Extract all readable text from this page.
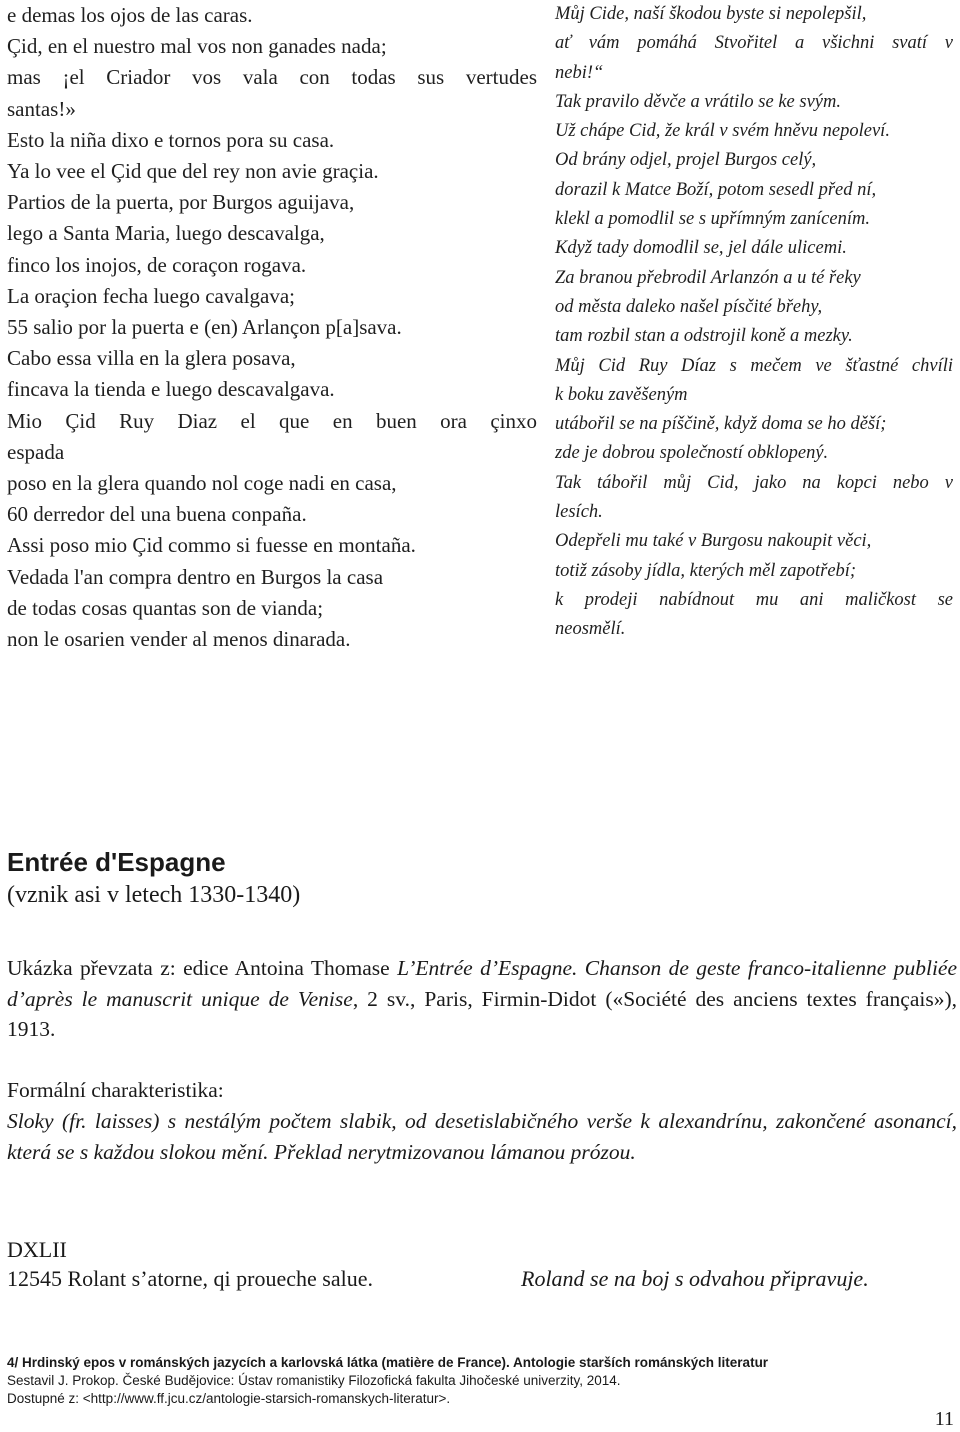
e demas los ojos de las caras.
Çid, en el nuestro mal vos non ganades nada;
mas ¡el Criador vos vala con todas sus vertudes
santas!»
Esto la niña dixo e tornos pora su casa.
Ya lo vee el Çid que del rey non avie graçia.
Partios de la puerta, por Burgos aguijava,
lego a Santa Maria, luego descavalga,
finco los inojos, de coraçon rogava.
La oraçion fecha luego cavalgava;
55 salio por la puerta e (en) Arlançon p[a]sava.
Cabo essa villa en la glera posava,
fincava la tienda e luego descavalgava.
Mio Çid Ruy Diaz el que en buen ora çinxo
espada
poso en la glera quando nol coge nadi en casa,
60 derredor del una buena conpaña.
Assi poso mio Çid commo si fuesse en montaña.
Vedada l'an compra dentro en Burgos la casa
de todas cosas quantas son de vianda;
non le osarien vender al menos dinarada.
Můj Cide, naší škodou byste si nepolepšil,
ať vám pomáhá Stvořitel a všichni svatí v
nebi!“
Tak pravilo děvče a vrátilo se ke svým.
Už chápe Cid, že král v svém hněvu nepoleví.
Od brány odjel, projel Burgos celý,
dorazil k Matce Boží, potom sesedl před ní,
klekl a pomodlil se s upřímným zanícením.
Když tady domodlil se, jel dále ulicemi.
Za branou přebrodil Arlanzón a u té řeky
od města daleko našel písčité břehy,
tam rozbil stan a odstrojil koně a mezky.
Můj Cid Ruy Díaz s mečem ve šťastné chvíli
k boku zavěšeným
utábořil se na píščině, když doma se ho děší;
zde je dobrou společností obklopený.
Tak tábořil můj Cid, jako na kopci nebo v
lesích.
Odepřeli mu také v Burgosu nakoupit věci,
totiž zásoby jídla, kterých měl zapotřebí;
k prodeji nabídnout mu ani maličkost se
neosmělí.
Entrée d'Espagne
(vznik asi v letech 1330-1340)
Ukázka převzata z: edice Antoina Thomase L’Entrée d’Espagne. Chanson de geste franco-italienne publiée d’après le manuscrit unique de Venise, 2 sv., Paris, Firmin-Didot («Société des anciens textes français»), 1913.
Formální charakteristika:
Sloky (fr. laisses) s nestálým počtem slabik, od desetislabičného verše k alexandrínu, zakončené asonancí, která se s každou slokou mění. Překlad nerytmizovanou lámanou prózou.
DXLII
12545 Rolant s’atorne, qi proueche salue.	Roland se na boj s odvahou připravuje.
4/ Hrdinský epos v románských jazycích a karlovská látka (matière de France). Antologie starších románských literatur
Sestavil J. Prokop. České Budějovice: Ústav romanistiky Filozofická fakulta Jihočeské univerzity, 2014.
Dostupné z: <http://www.ff.jcu.cz/antologie-starsich-romanskych-literatur>.
11
